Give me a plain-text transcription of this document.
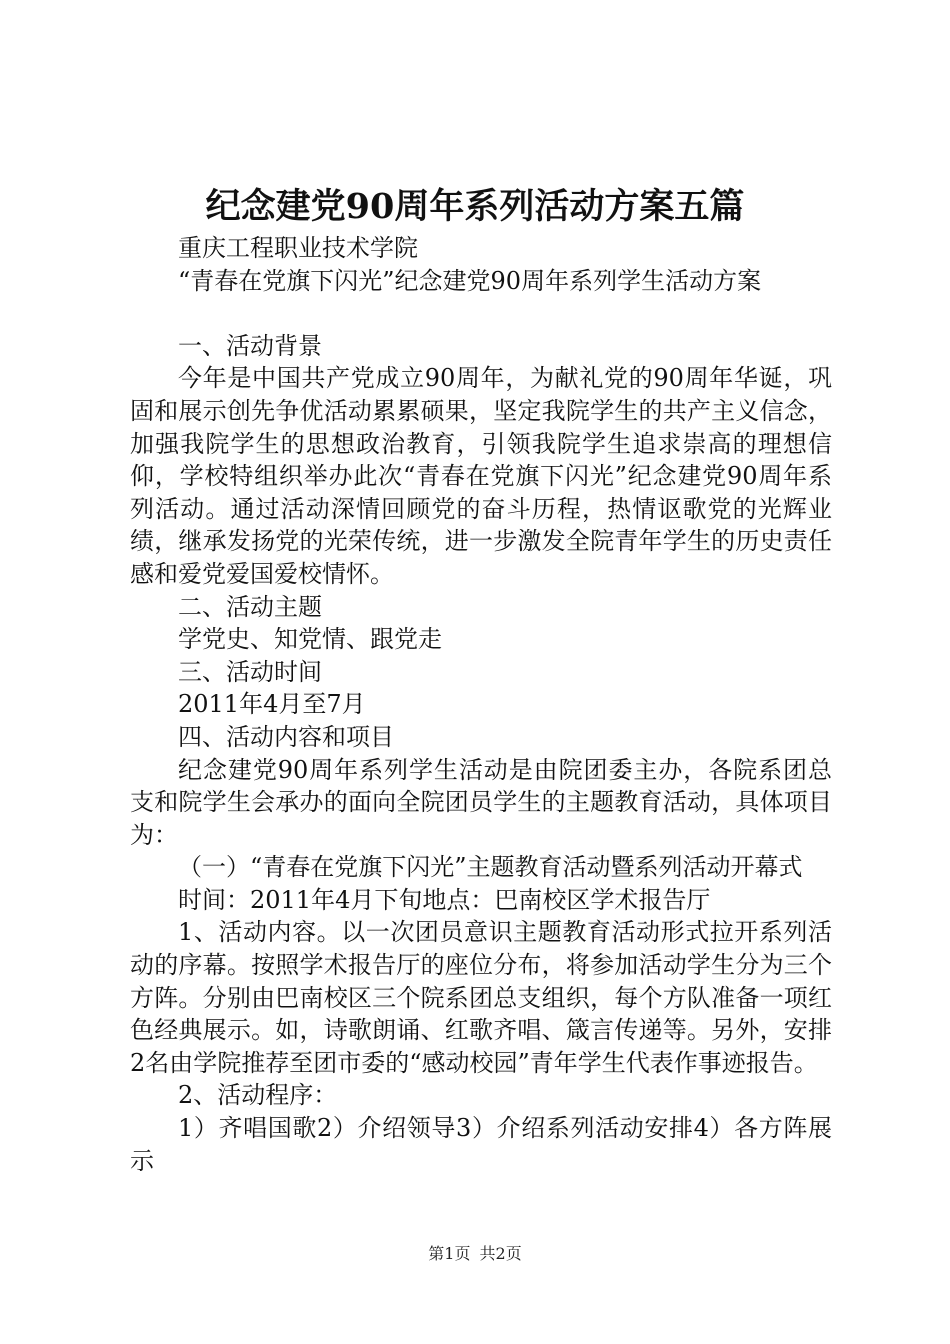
纪念建党90周年系列活动方案五篇

重庆工程职业技术学院

“青春在党旗下闪光”纪念建党90周年系列学生活动方案

一、活动背景

今年是中国共产党成立90周年，为献礼党的90周年华诞，巩固和展示创先争优活动累累硕果，坚定我院学生的共产主义信念，加强我院学生的思想政治教育，引领我院学生追求崇高的理想信仰，学校特组织举办此次“青春在党旗下闪光”纪念建党90周年系列活动。通过活动深情回顾党的奋斗历程，热情讴歌党的光辉业绩，继承发扬党的光荣传统，进一步激发全院青年学生的历史责任感和爱党爱国爱校情怀。

二、活动主题

学党史、知党情、跟党走

三、活动时间

2011年4月至7月

四、活动内容和项目

纪念建党90周年系列学生活动是由院团委主办，各院系团总支和院学生会承办的面向全院团员学生的主题教育活动，具体项目为：

（一）“青春在党旗下闪光”主题教育活动暨系列活动开幕式

时间：2011年4月下旬地点：巴南校区学术报告厅

1、活动内容。以一次团员意识主题教育活动形式拉开系列活动的序幕。按照学术报告厅的座位分布，将参加活动学生分为三个方阵。分别由巴南校区三个院系团总支组织，每个方队准备一项红色经典展示。如，诗歌朗诵、红歌齐唱、箴言传递等。另外，安排2名由学院推荐至团市委的“感动校园”青年学生代表作事迹报告。

2、活动程序：

1）齐唱国歌2）介绍领导3）介绍系列活动安排4）各方阵展示

第1页 共2页
